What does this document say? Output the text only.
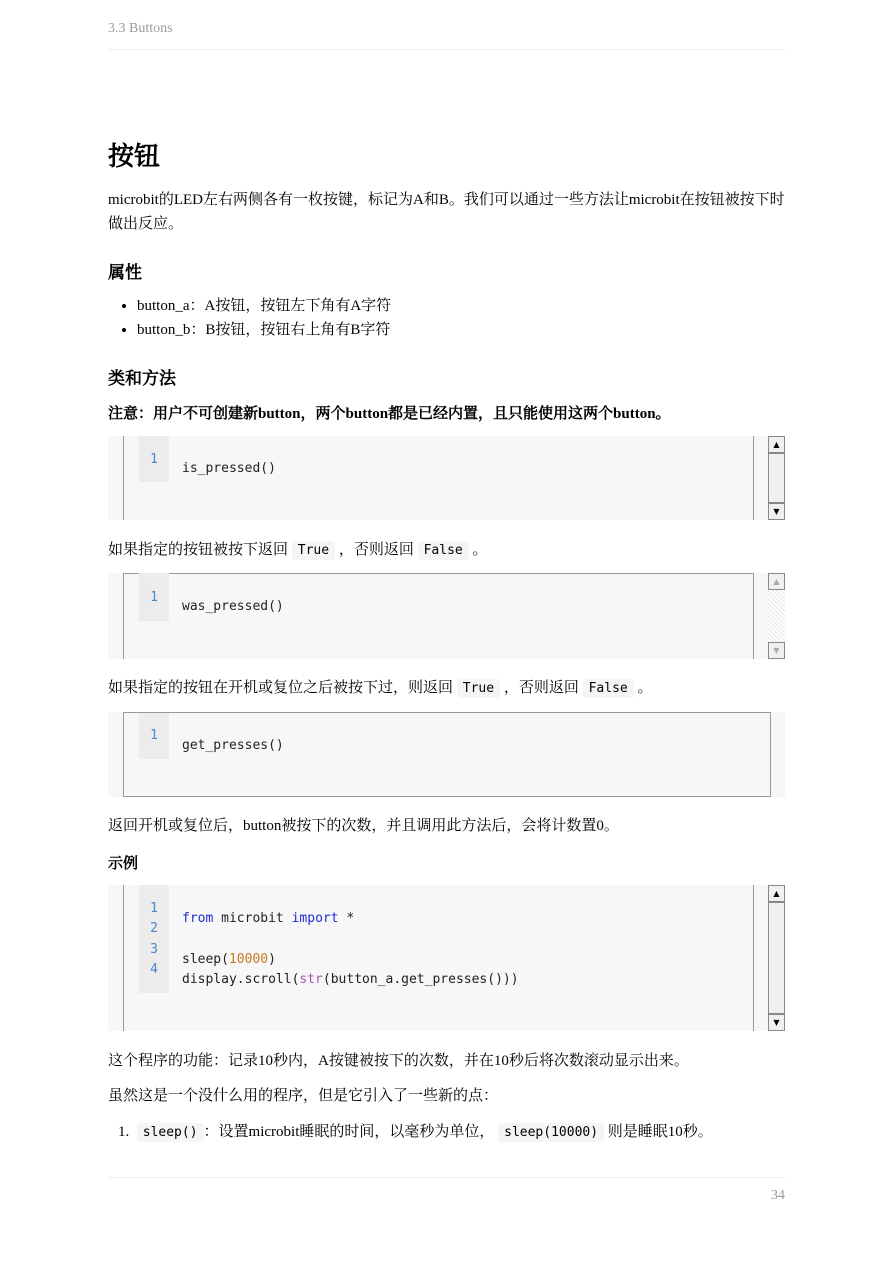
3.3 Buttons
按钮

microbit的LED左右两侧各有一枚按键，标记为A和B。我们可以通过一些方法让microbit在按钮被按下时做出反应。

属性
• button_a：A按钮，按钮左下角有A字符
• button_b：B按钮，按钮右上角有B字符
类和方法
注意：用户不可创建新button，两个button都是已经内置，且只能使用这两个button。
1
is_pressed()
▲
▼

如果指定的按钮被按下返回 True ，否则返回 False 。

1
was_pressed()
▲
▼

如果指定的按钮在开机或复位之后被按下过，则返回 True ，否则返回 False 。

1
get_presses()

返回开机或复位后，button被按下的次数，并且调用此方法后，会将计数置0。

示例
1
2
3
4
from microbit import *
sleep(10000)
display.scroll(str(button_a.get_presses()))
▲
▼

这个程序的功能：记录10秒内，A按键被按下的次数，并在10秒后将次数滚动显示出来。

虽然这是一个没什么用的程序，但是它引入了一些新的点：

1. sleep() ：设置microbit睡眠的时间，以毫秒为单位， sleep(10000) 则是睡眠10秒。
34
